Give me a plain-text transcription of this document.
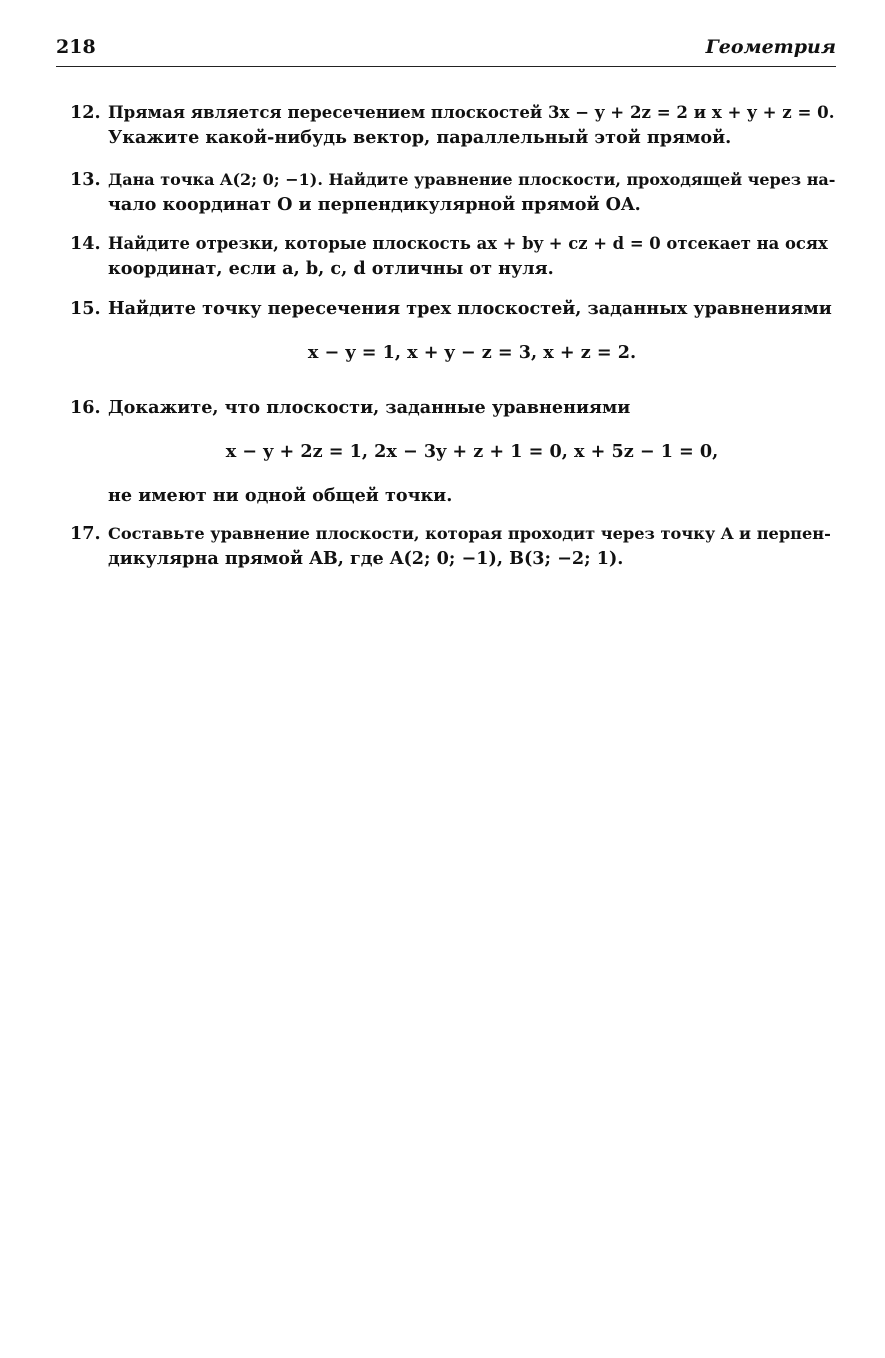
218	Геометрия
12. Прямая является пересечением плоскостей 3x − y + 2z = 2 и x + y + z = 0.
Укажите какой-нибудь вектор, параллельный этой прямой.
13. Дана точка A(2; 0; −1). Найдите уравнение плоскости, проходящей через на-
чало координат O и перпендикулярной прямой OA.
14. Найдите отрезки, которые плоскость ax + by + cz + d = 0 отсекает на осях
координат, если a, b, c, d отличны от нуля.
15. Найдите точку пересечения трех плоскостей, заданных уравнениями
x − y = 1, x + y − z = 3, x + z = 2.
16. Докажите, что плоскости, заданные уравнениями
x − y + 2z = 1, 2x − 3y + z + 1 = 0, x + 5z − 1 = 0,
не имеют ни одной общей точки.
17. Составьте уравнение плоскости, которая проходит через точку A и перпен-
дикулярна прямой AB, где A(2; 0; −1), B(3; −2; 1).
